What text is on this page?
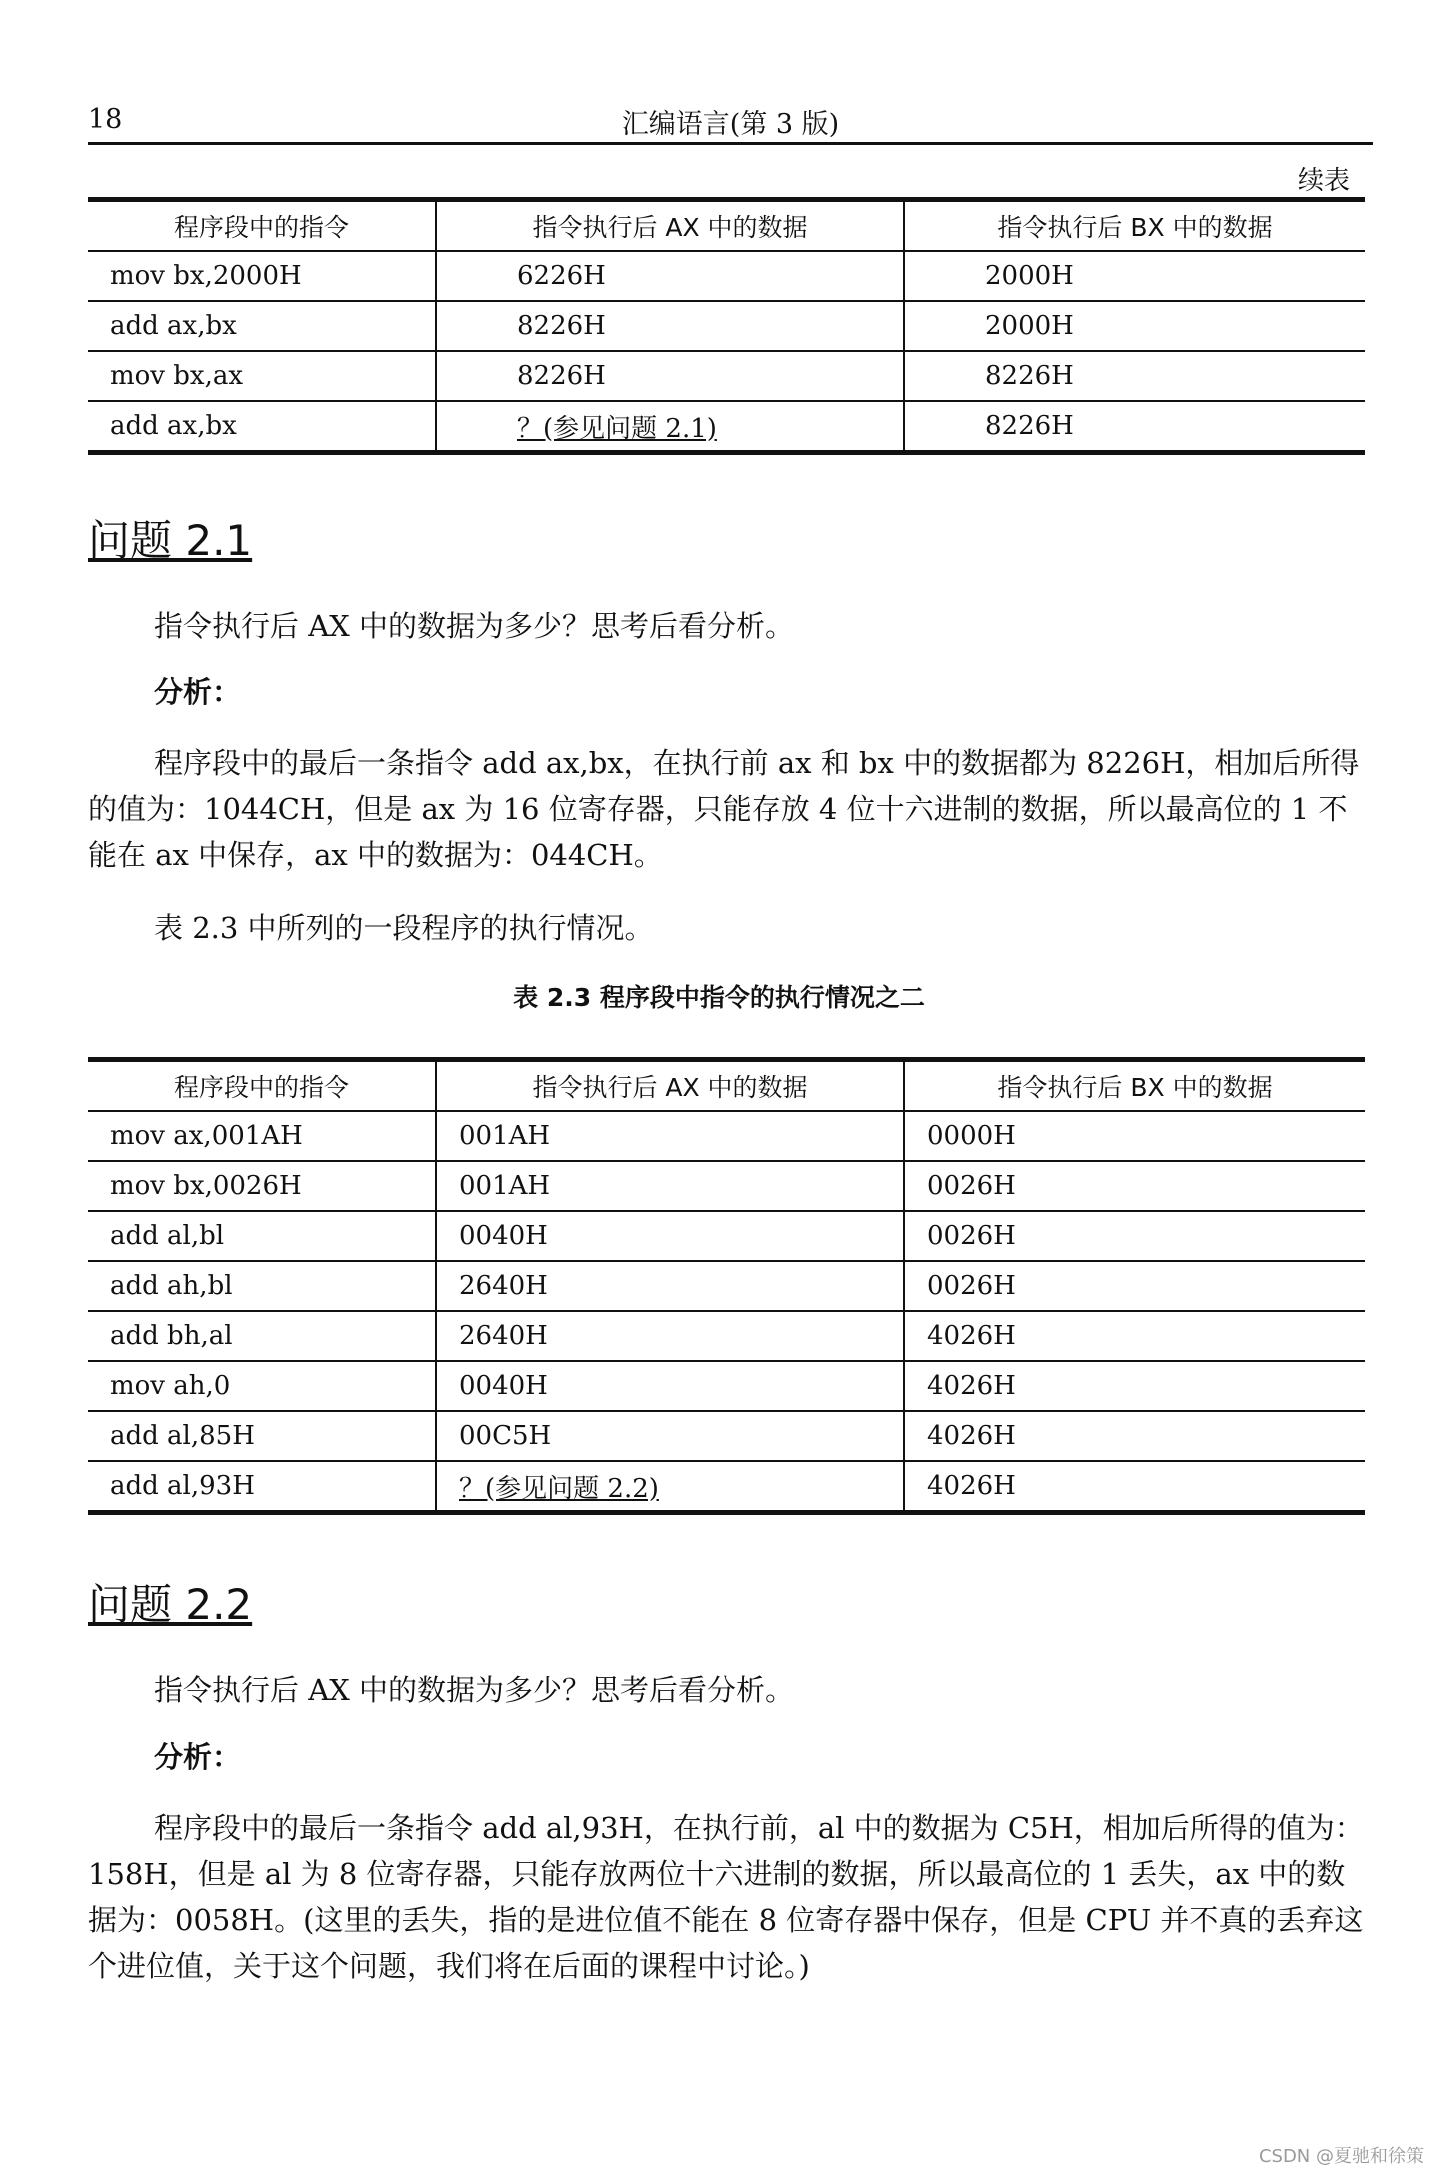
18	汇编语言(第 3 版)
续表
程序段中的指令	指令执行后 AX 中的数据	指令执行后 BX 中的数据
mov bx,2000H	6226H	2000H
add ax,bx	8226H	2000H
mov bx,ax	8226H	8226H
add ax,bx	？(参见问题 2.1)	8226H
问题 2.1
指令执行后 AX 中的数据为多少？思考后看分析。
分析：
程序段中的最后一条指令 add ax,bx，在执行前 ax 和 bx 中的数据都为 8226H，相加后所得的值为：1044CH，但是 ax 为 16 位寄存器，只能存放 4 位十六进制的数据，所以最高位的 1 不能在 ax 中保存，ax 中的数据为：044CH。
表 2.3 中所列的一段程序的执行情况。
表 2.3 程序段中指令的执行情况之二
程序段中的指令	指令执行后 AX 中的数据	指令执行后 BX 中的数据
mov ax,001AH	001AH	0000H
mov bx,0026H	001AH	0026H
add al,bl	0040H	0026H
add ah,bl	2640H	0026H
add bh,al	2640H	4026H
mov ah,0	0040H	4026H
add al,85H	00C5H	4026H
add al,93H	？(参见问题 2.2)	4026H
问题 2.2
指令执行后 AX 中的数据为多少？思考后看分析。
分析：
程序段中的最后一条指令 add al,93H，在执行前，al 中的数据为 C5H，相加后所得的值为：158H，但是 al 为 8 位寄存器，只能存放两位十六进制的数据，所以最高位的 1 丢失，ax 中的数据为：0058H。(这里的丢失，指的是进位值不能在 8 位寄存器中保存，但是 CPU 并不真的丢弃这个进位值，关于这个问题，我们将在后面的课程中讨论。)
CSDN @夏驰和徐策
